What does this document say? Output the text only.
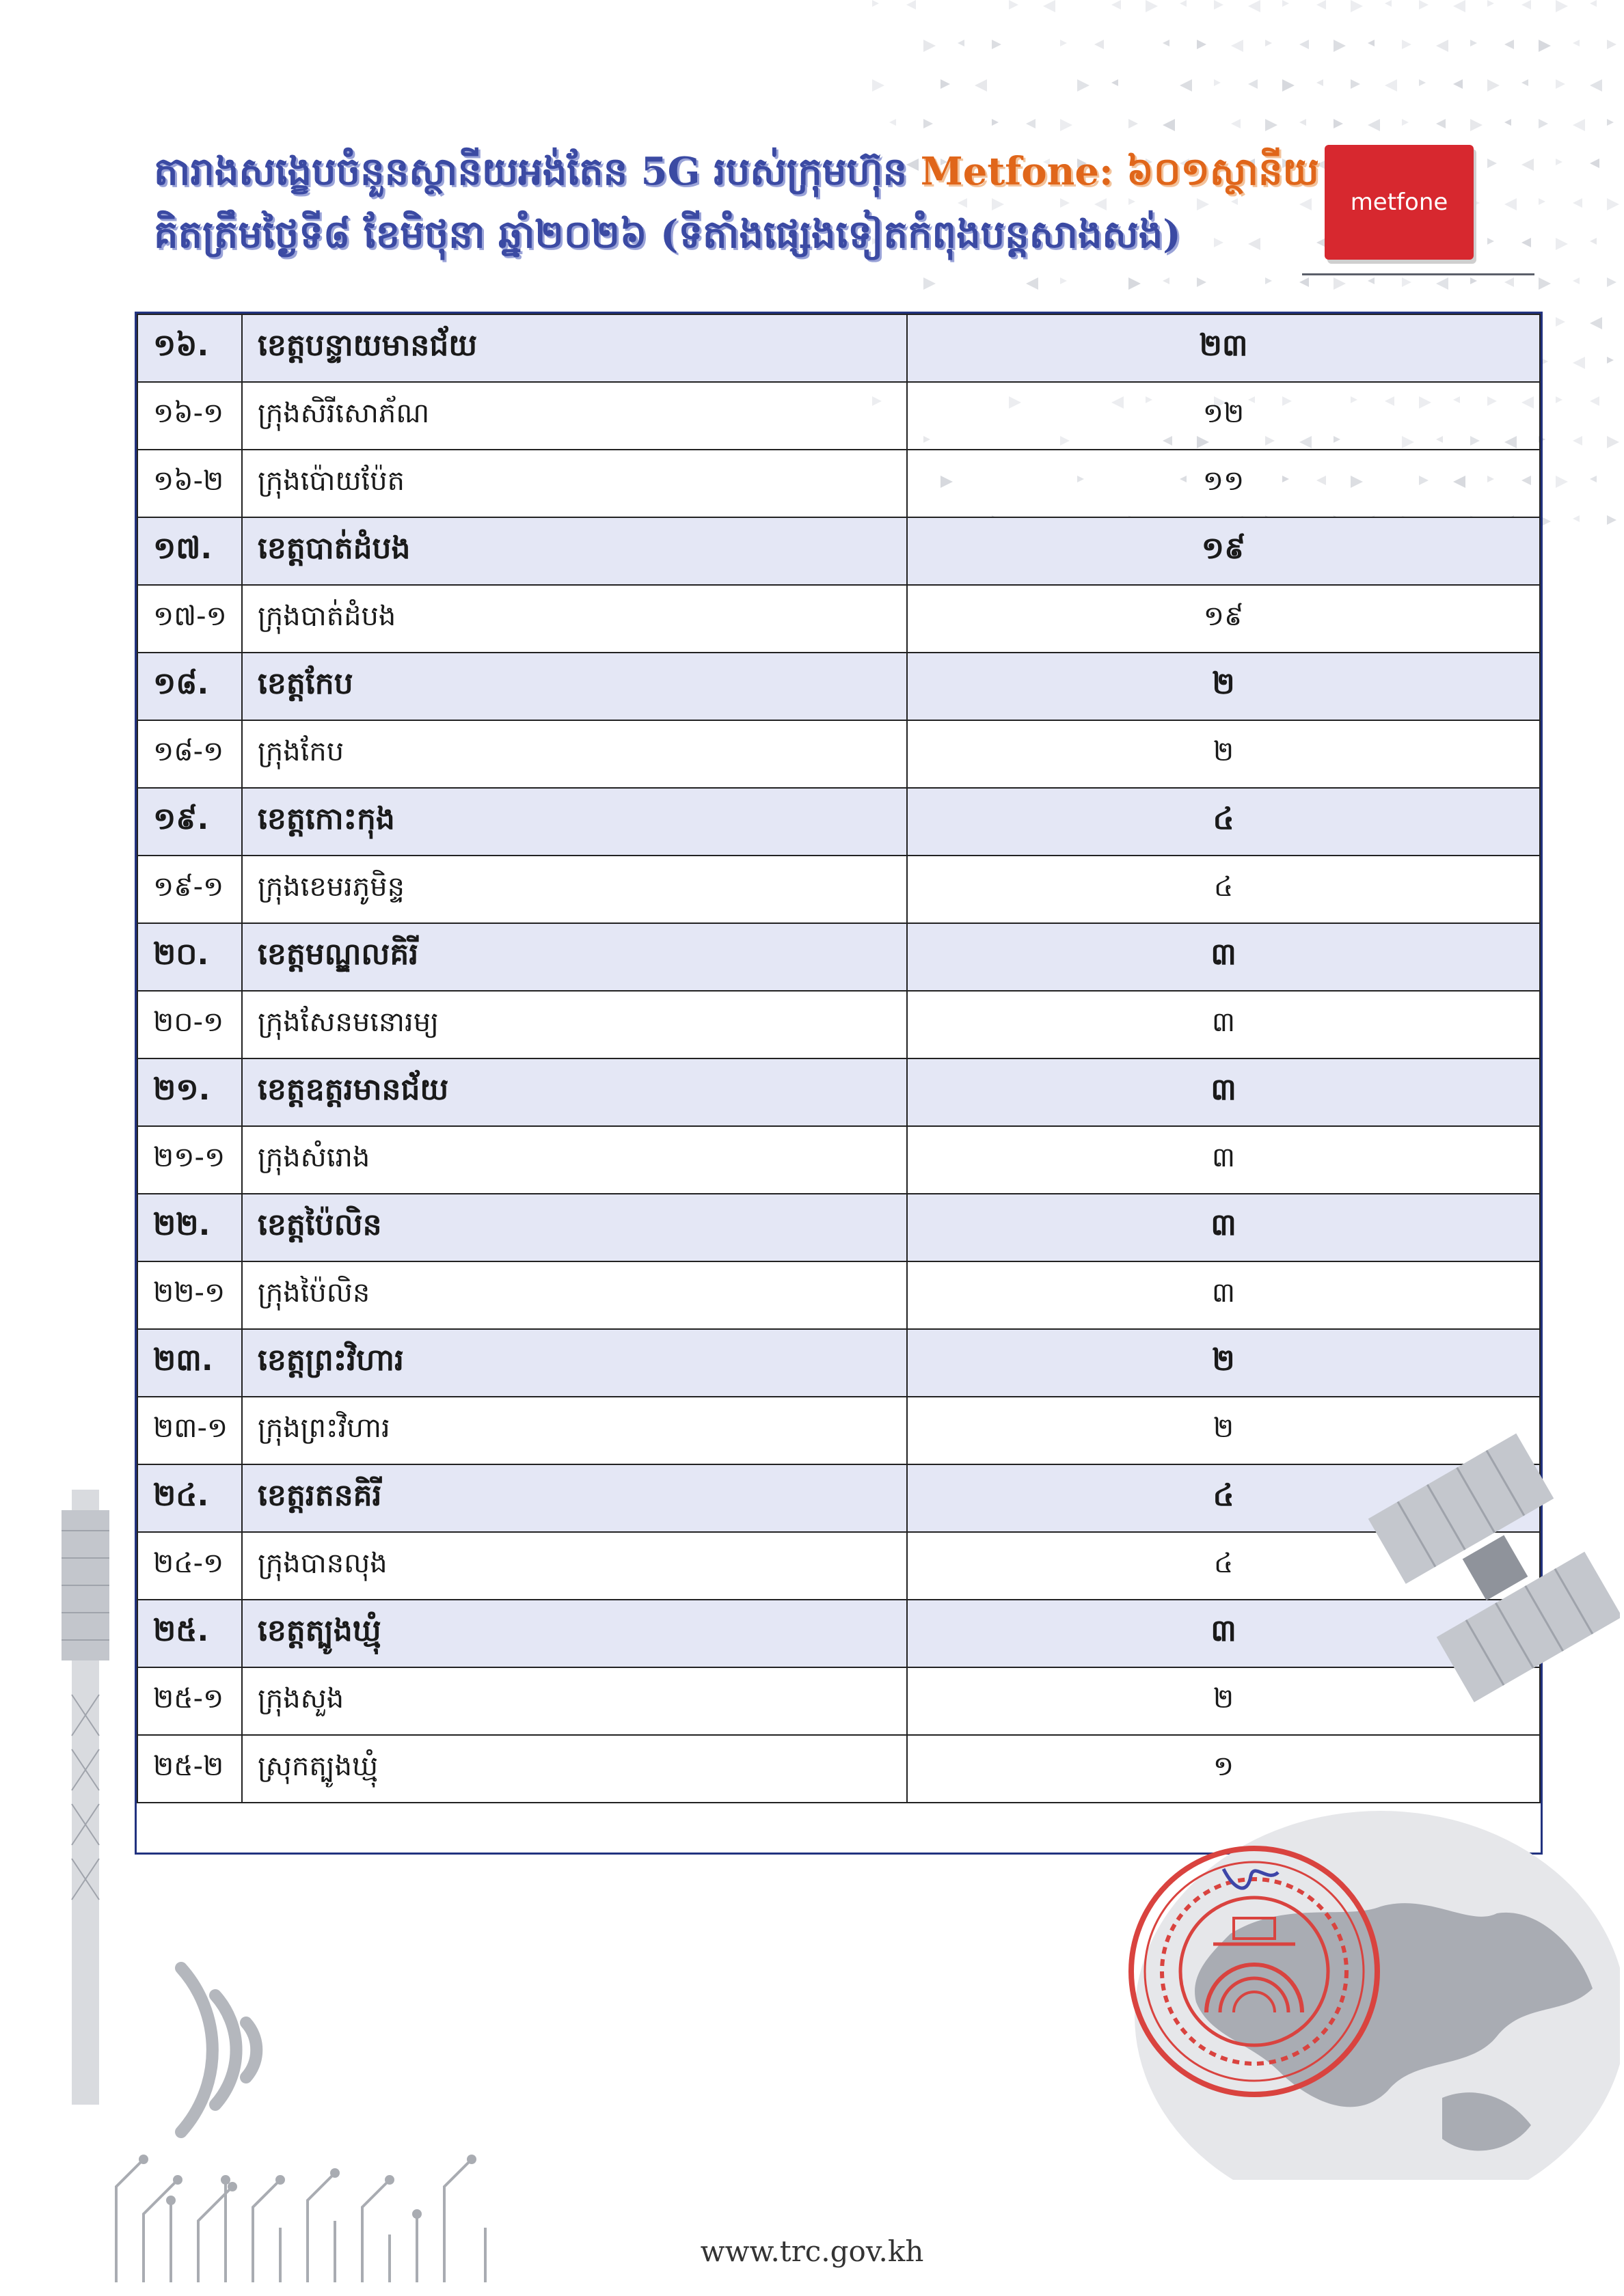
តារាងសង្ខេបចំនួនស្ថានីយអង់តែន 5G របស់ក្រុមហ៊ុន Metfone: ៦០១ស្ថានីយ
គិតត្រឹមថ្ងៃទី៨ ខែមិថុនា ឆ្នាំ២០២៦ (ទីតាំងផ្សេងទៀតកំពុងបន្តសាងសង់)
metfone
១៦.	ខេត្តបន្ទាយមានជ័យ	២៣
១៦-១	ក្រុងសិរីសោភ័ណ	១២
១៦-២	ក្រុងប៉ោយប៉ែត	១១
១៧.	ខេត្តបាត់ដំបង	១៩
១៧-១	ក្រុងបាត់ដំបង	១៩
១៨.	ខេត្តកែប	២
១៨-១	ក្រុងកែប	២
១៩.	ខេត្តកោះកុង	៤
១៩-១	ក្រុងខេមរភូមិន្ទ	៤
២០.	ខេត្តមណ្ឌលគិរី	៣
២០-១	ក្រុងសែនមនោរម្យ	៣
២១.	ខេត្តឧត្ដរមានជ័យ	៣
២១-១	ក្រុងសំរោង	៣
២២.	ខេត្តប៉ៃលិន	៣
២២-១	ក្រុងប៉ៃលិន	៣
២៣.	ខេត្តព្រះវិហារ	២
២៣-១	ក្រុងព្រះវិហារ	២
២៤.	ខេត្តរតនគិរី	៤
២៤-១	ក្រុងបានលុង	៤
២៥.	ខេត្តត្បូងឃ្មុំ	៣
២៥-១	ក្រុងសួង	២
២៥-២	ស្រុកត្បូងឃ្មុំ	១
www.trc.gov.kh
